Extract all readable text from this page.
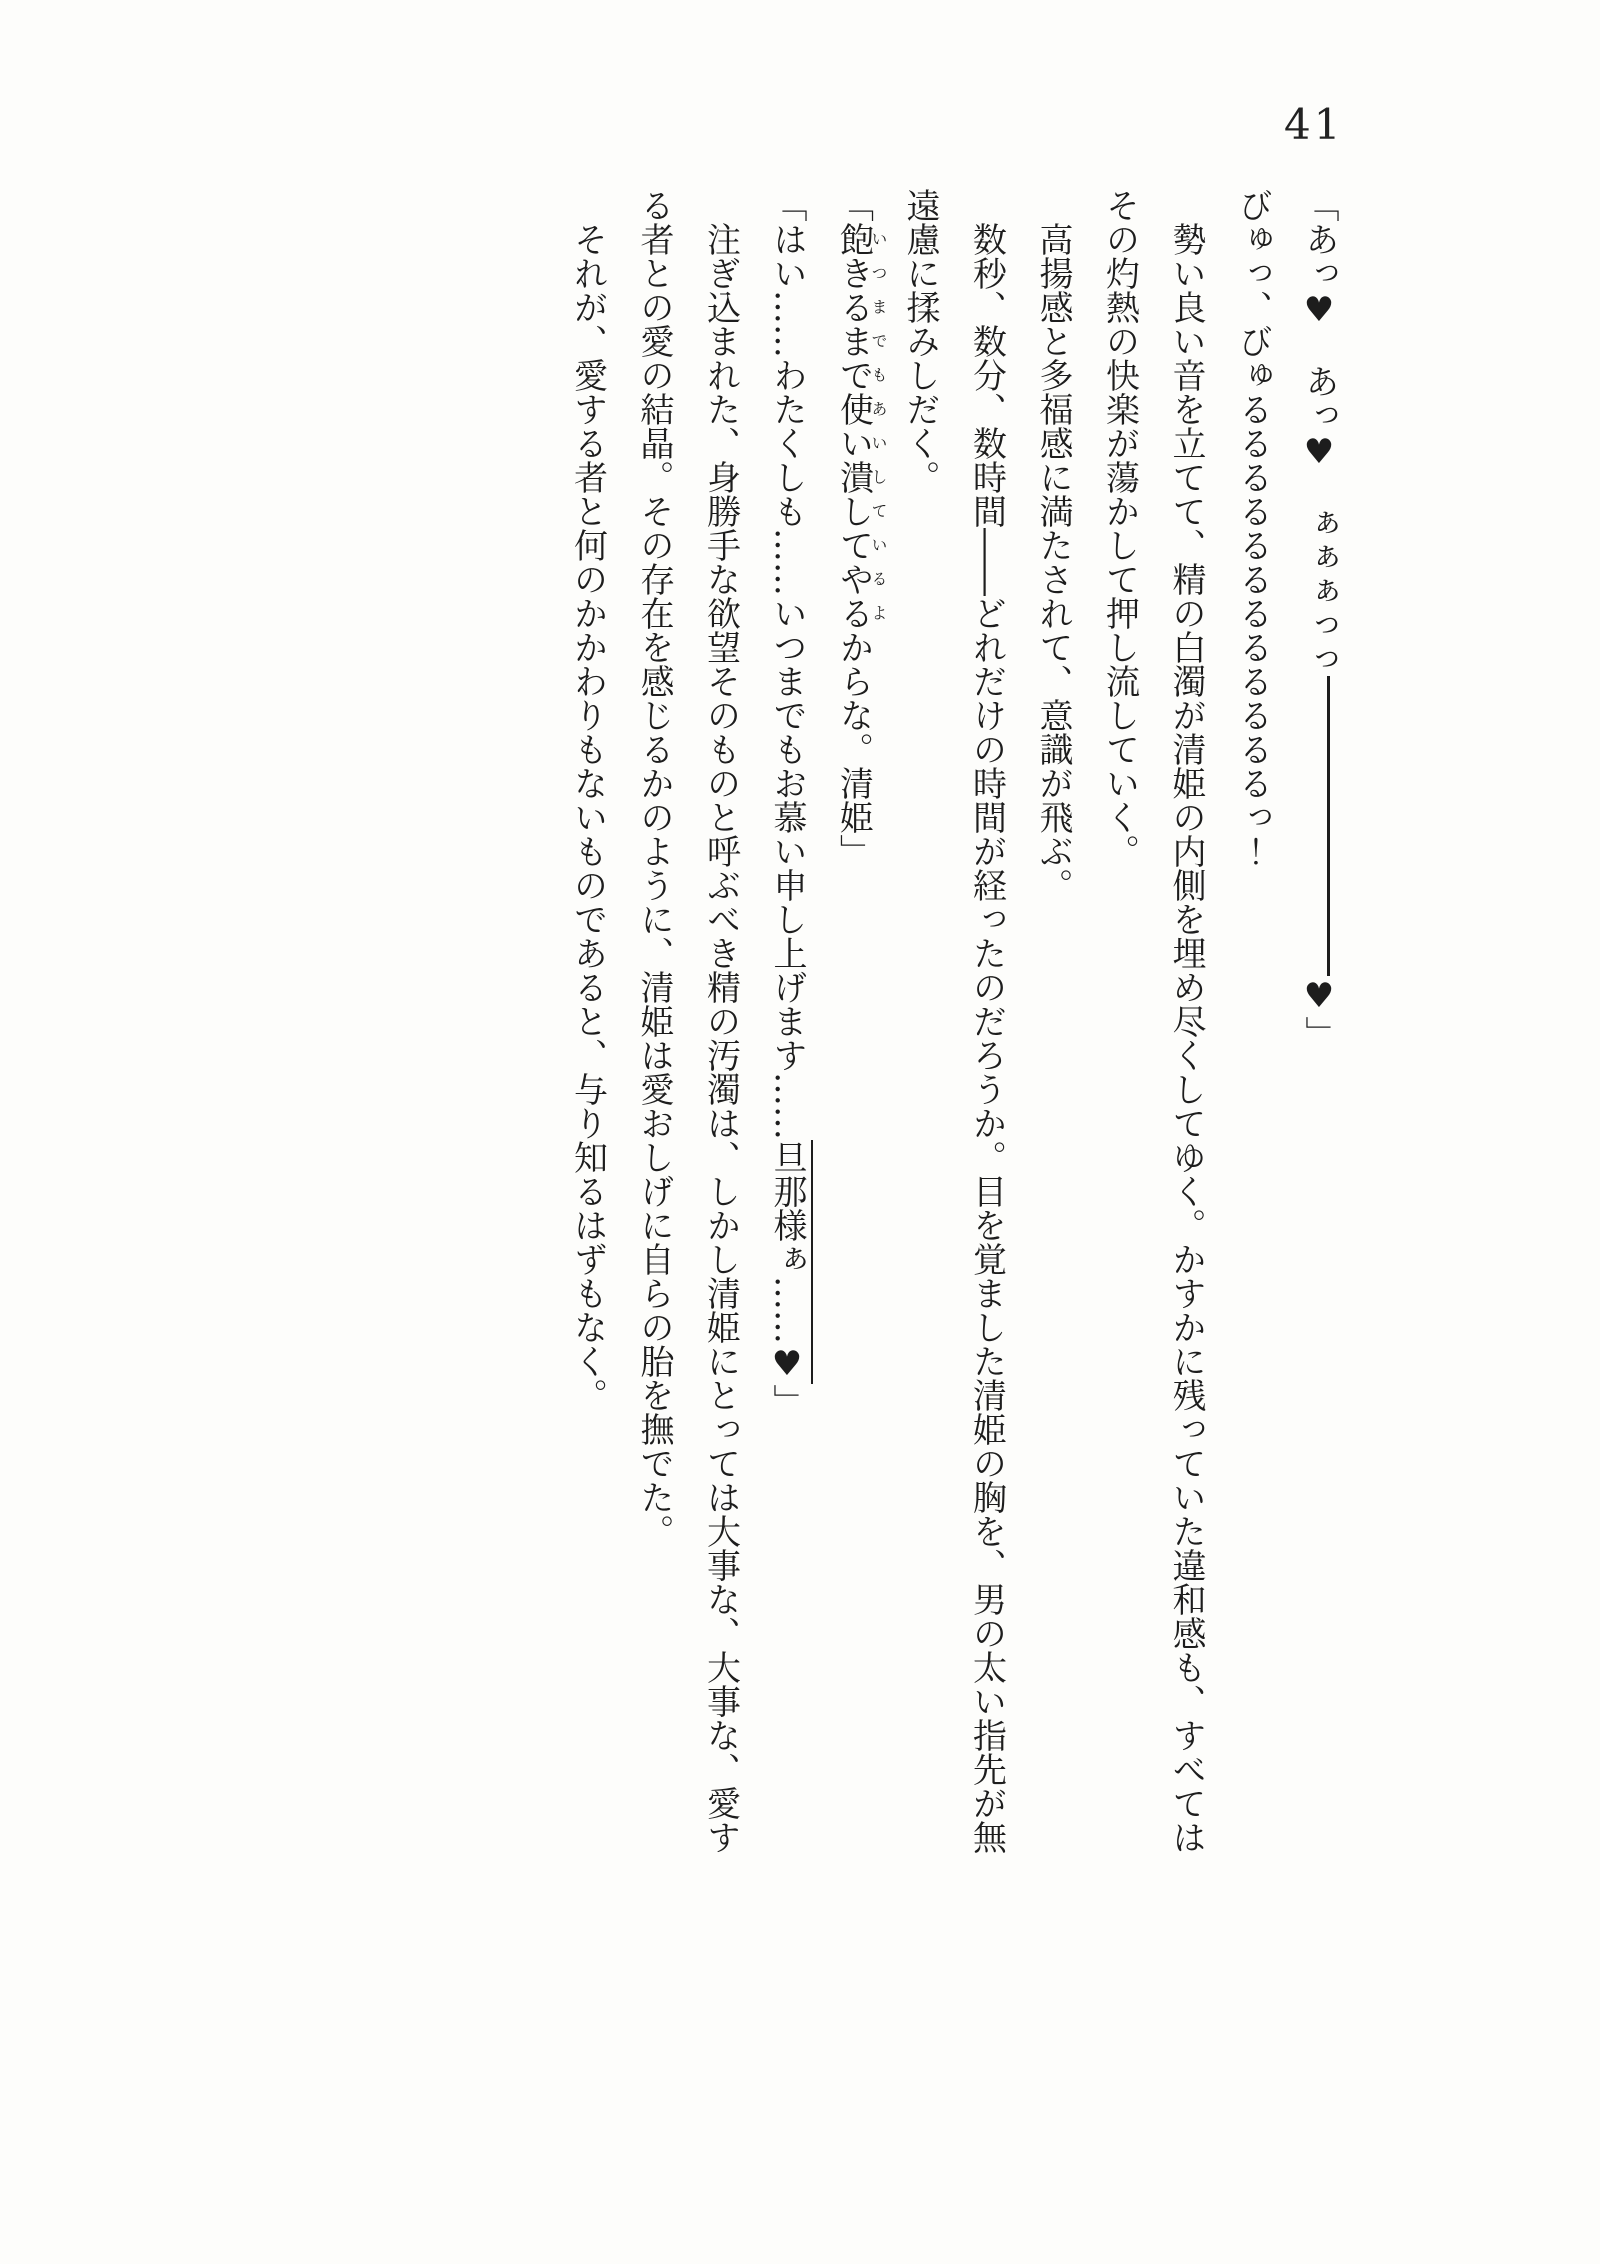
41

「あっ♥　あっ♥　ぁぁぁっっ♥」

びゅっ、びゅるるるるるるるるるるるるっ！

勢い良い音を立てて、精の白濁が清姫の内側を埋め尽くしてゆく。かすかに残っていた違和感も、すべてはその灼熱の快楽が蕩かして押し流していく。

高揚感と多福感に満たされて、意識が飛ぶ。

数秒、数分、数時間――どれだけの時間が経ったのだろうか。目を覚ました清姫の胸を、男の太い指先が無遠慮に揉みしだく。

「飽きるまで使い潰してやるいつまでもあいしているよからな。清姫」

「はい……わたくしも……いつまでもお慕い申し上げます……旦那様ぁ……♥」

注ぎ込まれた、身勝手な欲望そのものと呼ぶべき精の汚濁は、しかし清姫にとっては大事な、大事な、愛する者との愛の結晶。その存在を感じるかのように、清姫は愛おしげに自らの胎を撫でた。

それが、愛する者と何のかかわりもないものであると、与り知るはずもなく。
